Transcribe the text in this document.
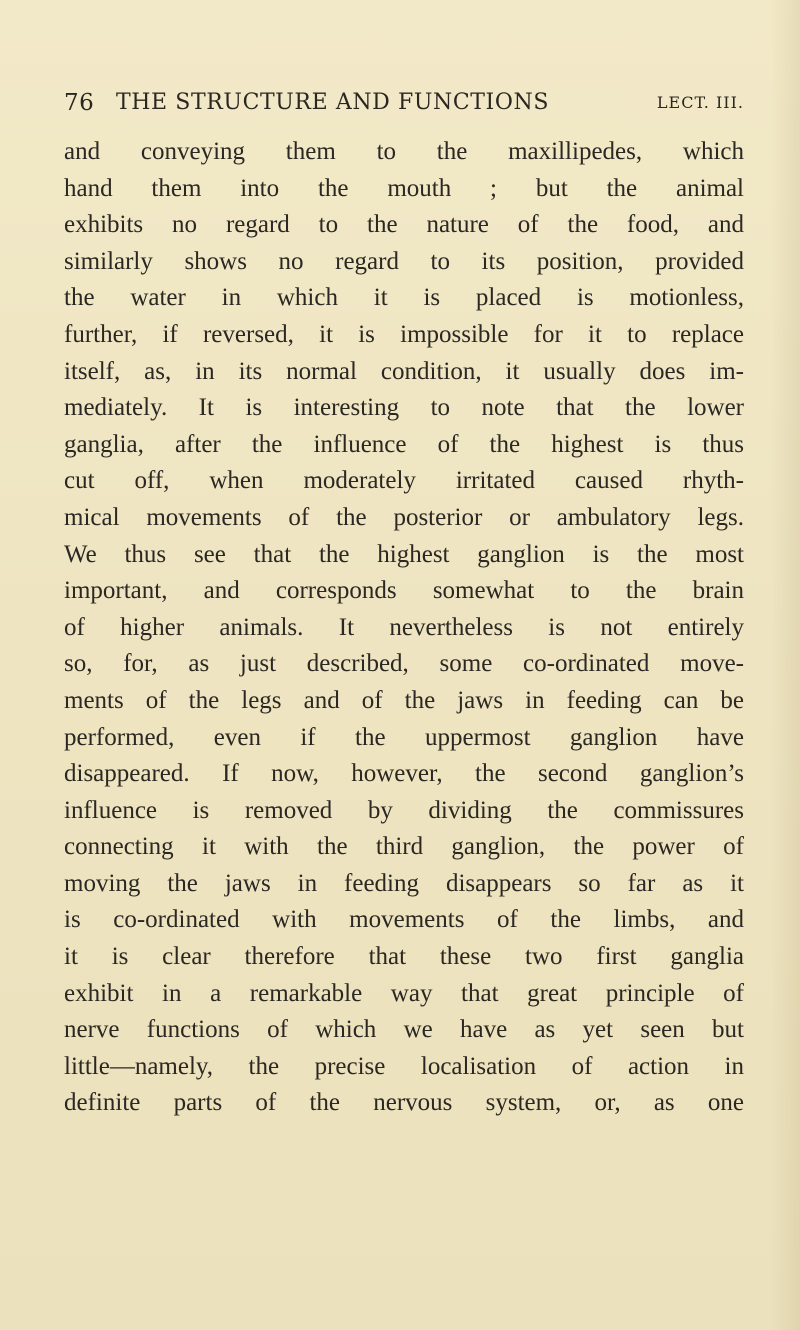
76 THE STRUCTURE AND FUNCTIONS	LECT. III.
and conveying them to the maxillipedes, which
hand them into the mouth ; but the animal
exhibits no regard to the nature of the food, and
similarly shows no regard to its position, provided
the water in which it is placed is motionless,
further, if reversed, it is impossible for it to replace
itself, as, in its normal condition, it usually does im-
mediately. It is interesting to note that the lower
ganglia, after the influence of the highest is thus
cut off, when moderately irritated caused rhyth-
mical movements of the posterior or ambulatory legs.
We thus see that the highest ganglion is the most
important, and corresponds somewhat to the brain
of higher animals. It nevertheless is not entirely
so, for, as just described, some co-ordinated move-
ments of the legs and of the jaws in feeding can be
performed, even if the uppermost ganglion have
disappeared. If now, however, the second ganglion’s
influence is removed by dividing the commissures
connecting it with the third ganglion, the power of
moving the jaws in feeding disappears so far as it
is co-ordinated with movements of the limbs, and
it is clear therefore that these two first ganglia
exhibit in a remarkable way that great principle of
nerve functions of which we have as yet seen but
little—namely, the precise localisation of action in
definite parts of the nervous system, or, as one
